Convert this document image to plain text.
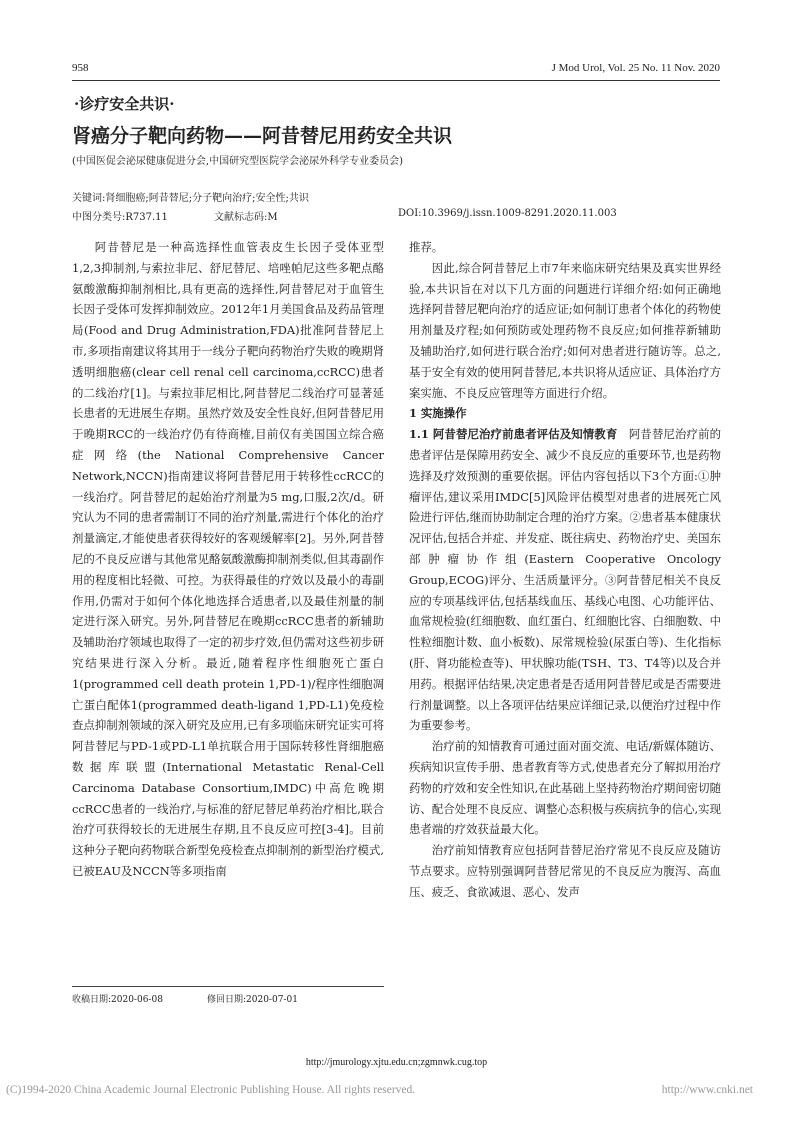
958	J Mod Urol, Vol. 25 No. 11 Nov. 2020
·诊疗安全共识·
肾癌分子靶向药物——阿昔替尼用药安全共识
(中国医促会泌尿健康促进分会,中国研究型医院学会泌尿外科学专业委员会)
关键词:肾细胞癌;阿昔替尼;分子靶向治疗;安全性;共识
中图分类号:R737.11	文献标志码:M	DOI:10.3969/j.issn.1009-8291.2020.11.003

阿昔替尼是一种高选择性血管表皮生长因子受体亚型1,2,3抑制剂,与索拉非尼、舒尼替尼、培唑帕尼这些多靶点酪氨酸激酶抑制剂相比,具有更高的选择性,阿昔替尼对于血管生长因子受体可发挥抑制效应。2012年1月美国食品及药品管理局(Food and Drug Administration,FDA)批准阿昔替尼上市,多项指南建议将其用于一线分子靶向药物治疗失败的晚期肾透明细胞癌(clear cell renal cell carcinoma,ccRCC)患者的二线治疗[1]。与索拉菲尼相比,阿昔替尼二线治疗可显著延长患者的无进展生存期。虽然疗效及安全性良好,但阿昔替尼用于晚期RCC的一线治疗仍有待商榷,目前仅有美国国立综合癌症网络(the National Comprehensive Cancer Network,NCCN)指南建议将阿昔替尼用于转移性ccRCC的一线治疗。阿昔替尼的起始治疗剂量为5 mg,口服,2次/d。研究认为不同的患者需制订不同的治疗剂量,需进行个体化的治疗剂量滴定,才能使患者获得较好的客观缓解率[2]。另外,阿昔替尼的不良反应谱与其他常见酪氨酸激酶抑制剂类似,但其毒副作用的程度相比轻微、可控。为获得最佳的疗效以及最小的毒副作用,仍需对于如何个体化地选择合适患者,以及最佳剂量的制定进行深入研究。另外,阿昔替尼在晚期ccRCC患者的新辅助及辅助治疗领域也取得了一定的初步疗效,但仍需对这些初步研究结果进行深入分析。最近,随着程序性细胞死亡蛋白1(programmed cell death protein 1,PD-1)/程序性细胞凋亡蛋白配体1(programmed death-ligand 1,PD-L1)免疫检查点抑制剂领域的深入研究及应用,已有多项临床研究证实可将阿昔替尼与PD-1或PD-L1单抗联合用于国际转移性肾细胞癌数据库联盟(International Metastatic Renal-Cell Carcinoma Database Consortium,IMDC)中高危晚期ccRCC患者的一线治疗,与标准的舒尼替尼单药治疗相比,联合治疗可获得较长的无进展生存期,且不良反应可控[3-4]。目前这种分子靶向药物联合新型免疫检查点抑制剂的新型治疗模式,已被EAU及NCCN等多项指南

收稿日期:2020-06-08	修回日期:2020-07-01

推荐。

因此,综合阿昔替尼上市7年来临床研究结果及真实世界经验,本共识旨在对以下几方面的问题进行详细介绍:如何正确地选择阿昔替尼靶向治疗的适应证;如何制订患者个体化的药物使用剂量及疗程;如何预防或处理药物不良反应;如何推荐新辅助及辅助治疗,如何进行联合治疗;如何对患者进行随访等。总之,基于安全有效的使用阿昔替尼,本共识将从适应证、具体治疗方案实施、不良反应管理等方面进行介绍。

1 实施操作

1.1 阿昔替尼治疗前患者评估及知情教育  阿昔替尼治疗前的患者评估是保障用药安全、减少不良反应的重要环节,也是药物选择及疗效预测的重要依据。评估内容包括以下3个方面:①肿瘤评估,建议采用IMDC[5]风险评估模型对患者的进展死亡风险进行评估,继而协助制定合理的治疗方案。②患者基本健康状况评估,包括合并症、并发症、既往病史、药物治疗史、美国东部肿瘤协作组(Eastern Cooperative Oncology Group,ECOG)评分、生活质量评分。③阿昔替尼相关不良反应的专项基线评估,包括基线血压、基线心电图、心功能评估、血常规检验(红细胞数、血红蛋白、红细胞比容、白细胞数、中性粒细胞计数、血小板数)、尿常规检验(尿蛋白等)、生化指标(肝、肾功能检查等)、甲状腺功能(TSH、T3、T4等)以及合并用药。根据评估结果,决定患者是否适用阿昔替尼或是否需要进行剂量调整。以上各项评估结果应详细记录,以便治疗过程中作为重要参考。

治疗前的知情教育可通过面对面交流、电话/新媒体随访、疾病知识宣传手册、患者教育等方式,使患者充分了解拟用治疗药物的疗效和安全性知识,在此基础上坚持药物治疗期间密切随访、配合处理不良反应、调整心态积极与疾病抗争的信心,实现患者端的疗效获益最大化。

治疗前知情教育应包括阿昔替尼治疗常见不良反应及随访节点要求。应特别强调阿昔替尼常见的不良反应为腹泻、高血压、疲乏、食欲减退、恶心、发声

http://jmurology.xjtu.edu.cn;zgmnwk.cug.top
(C)1994-2020 China Academic Journal Electronic Publishing House. All rights reserved.	http://www.cnki.net
